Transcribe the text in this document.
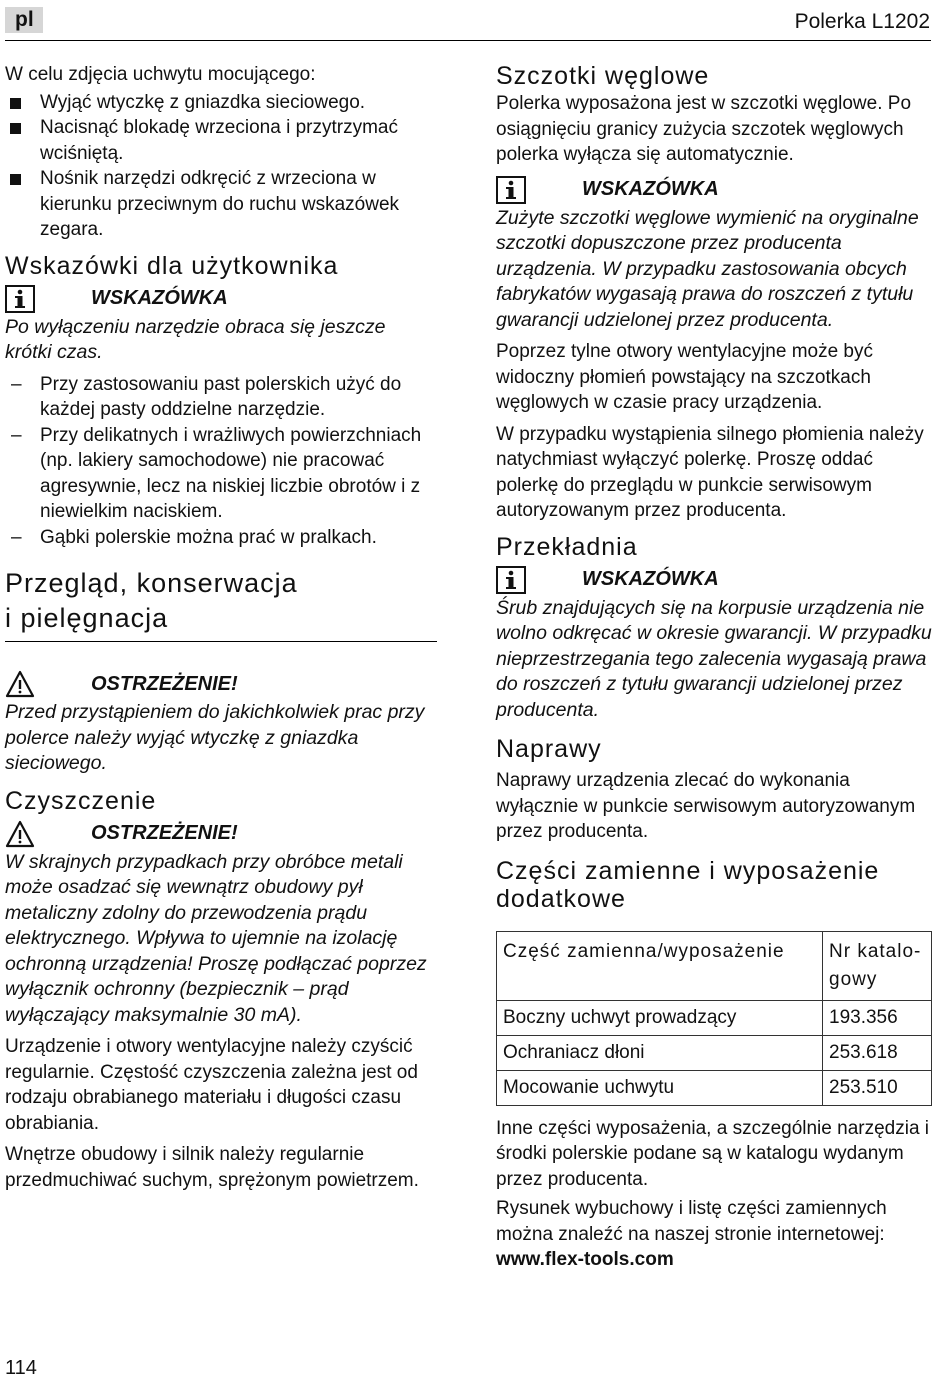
pl	Polerka L1202

W celu zdjęcia uchwytu mocującego:

Wyjąć wtyczkę z gniazdka sieciowego.
Nacisnąć blokadę wrzeciona i przytrzymać wciśniętą.
Nośnik narzędzi odkręcić z wrzeciona w kierunku przeciwnym do ruchu wskazówek zegara.
Wskazówki dla użytkownika
WSKAZÓWKA

Po wyłączeniu narzędzie obraca się jeszcze krótki czas.

– Przy zastosowaniu past polerskich użyć do każdej pasty oddzielne narzędzie.
– Przy delikatnych i wrażliwych powierzchniach (np. lakiery samochodowe) nie pracować agresywnie, lecz na niskiej liczbie obrotów i z niewielkim naciskiem.
– Gąbki polerskie można prać w pralkach.
Przegląd, konserwacja
i pielęgnacja
OSTRZEŻENIE!

Przed przystąpieniem do jakichkolwiek prac przy polerce należy wyjąć wtyczkę z gniazdka sieciowego.

Czyszczenie
OSTRZEŻENIE!

W skrajnych przypadkach przy obróbce metali może osadzać się wewnątrz obudowy pył metaliczny zdolny do przewodzenia prądu elektrycznego. Wpływa to ujemnie na izolację ochronną urządzenia! Proszę podłączać poprzez wyłącznik ochronny (bezpiecznik – prąd wyłączający maksymalnie 30 mA).

Urządzenie i otwory wentylacyjne należy czyścić regularnie. Częstość czyszczenia zależna jest od rodzaju obrabianego materiału i długości czasu obrabiania.

Wnętrze obudowy i silnik należy regularnie przedmuchiwać suchym, sprężonym powietrzem.

Szczotki węglowe

Polerka wyposażona jest w szczotki węglowe. Po osiągnięciu granicy zużycia szczotek węglowych polerka wyłącza się automatycznie.

WSKAZÓWKA

Zużyte szczotki węglowe wymienić na oryginalne szczotki dopuszczone przez producenta urządzenia. W przypadku zastosowania obcych fabrykatów wygasają prawa do roszczeń z tytułu gwarancji udzielonej przez producenta.

Poprzez tylne otwory wentylacyjne może być widoczny płomień powstający na szczotkach węglowych w czasie pracy urządzenia.

W przypadku wystąpienia silnego płomienia należy natychmiast wyłączyć polerkę. Proszę oddać polerkę do przeglądu w punkcie serwisowym autoryzowanym przez producenta.

Przekładnia
WSKAZÓWKA

Śrub znajdujących się na korpusie urządzenia nie wolno odkręcać w okresie gwarancji. W przypadku nieprzestrzegania tego zalecenia wygasają prawa do roszczeń z tytułu gwarancji udzielonej przez producenta.

Naprawy

Naprawy urządzenia zlecać do wykonania wyłącznie w punkcie serwisowym autoryzowanym przez producenta.

Części zamienne i wyposażenie dodatkowe
Część zamienna/wyposażenie	Nr katalo-gowy
Boczny uchwyt prowadzący	193.356
Ochraniacz dłoni	253.618
Mocowanie uchwytu	253.510

Inne części wyposażenia, a szczególnie narzędzia i środki polerskie podane są w katalogu wydanym przez producenta.

Rysunek wybuchowy i listę części zamiennych można znaleźć na naszej stronie internetowej:

www.flex-tools.com

114
